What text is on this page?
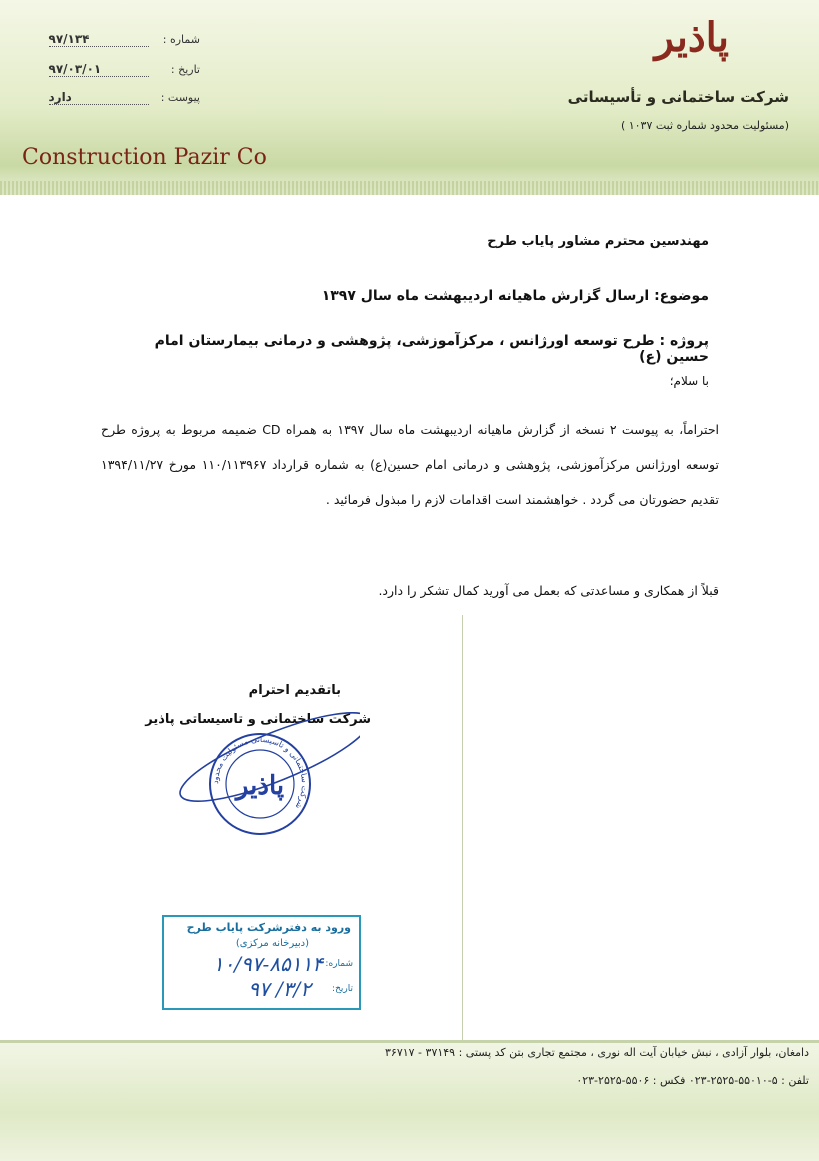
پاذیر
شرکت ساختمانی و تأسیساتی
(مسئولیت محدود شماره ثبت ۱۰۳۷ )
Construction Pazir Co
شماره : ۹۷/۱۳۴
تاریخ : ۹۷/۰۳/۰۱
پیوست : دارد
مهندسین محترم مشاور پایاب طرح
موضوع: ارسال گزارش ماهیانه اردیبهشت ماه سال ۱۳۹۷
پروژه : طرح توسعه اورژانس ، مرکزآموزشی، پژوهشی و درمانی بیمارستان امام حسین (ع)
با سلام؛
احتراماً، به پیوست ۲ نسخه از گزارش ماهیانه اردیبهشت ماه سال ۱۳۹۷ به همراه CD ضمیمه مربوط به پروژه طرح توسعه اورژانس مرکزآموزشی، پژوهشی و درمانی امام حسین(ع) به شماره قرارداد ۱۱۰/۱۱۳۹۶۷ مورخ ۱۳۹۴/۱۱/۲۷ تقدیم حضورتان می گردد . خواهشمند است اقدامات لازم را مبذول فرمائید .
قبلاً از همکاری و مساعدتی که بعمل می آورید کمال تشکر را دارد.
باتقدیم احترام
شرکت ساختمانی و تاسیساتی پاذیر
شرکت ساختمانی و تأسیساتی مسئولیت محدود
پاذیر
ورود به دفترشرکت پایاب طرح
(دبیرخانه مرکزی)
شماره:
۱۰/۹۷-۸۵۱۱۴
تاریخ:
۹۷ /۳/۲
دامغان، بلوار آزادی ، نبش خیابان آیت اله نوری ، مجتمع تجاری بتن کد پستی : ۳۷۱۴۹ - ۳۶۷۱۷
تلفن : ۵-۵۵۰۱۰-۲۵۲۵-۰۲۳ فکس : ۵۵۰۶-۲۵۲۵-۰۲۳
